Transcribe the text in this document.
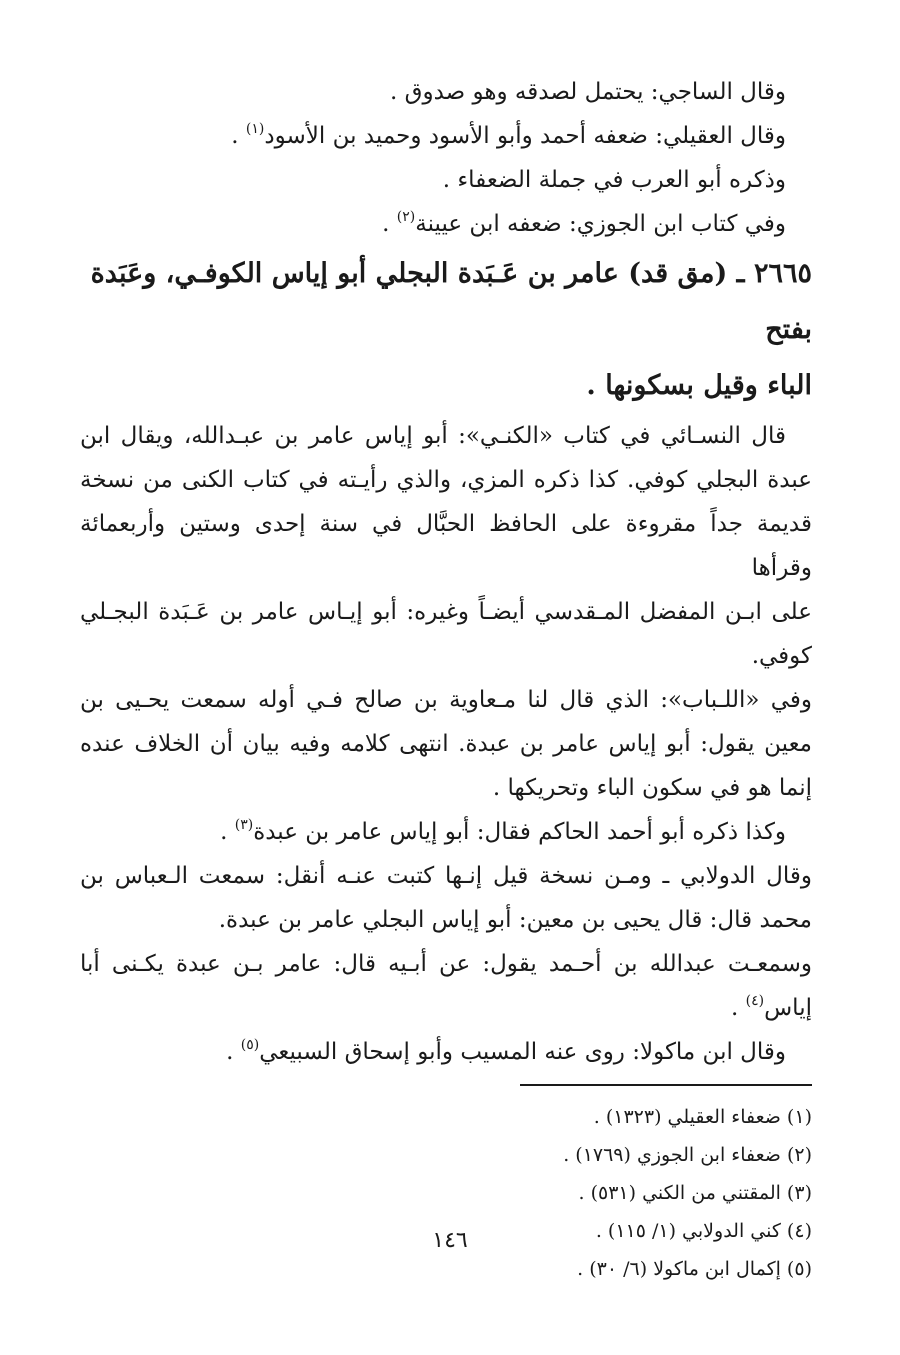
وقال الساجي: يحتمل لصدقه وهو صدوق .
وقال العقيلي: ضعفه أحمد وأبو الأسود وحميد بن الأسود$^{(١)}$ .
وذكره أبو العرب في جملة الضعفاء .
وفي كتاب ابن الجوزي: ضعفه ابن عيينة$^{(٢)}$ .
٢٦٦٥ ـ (مق قد) عامر بن عَـبَدة البجلي أبو إياس الكوفـي، وعَبَدة بفتح
الباء وقيل بسكونها .
قال النسـائي في كتاب «الكنـي»: أبو إياس عامر بن عبـدالله، ويقال ابن
عبدة البجلي كوفي. كذا ذكره المزي، والذي رأيـته في كتاب الكنى من نسخة
قديمة جداً مقروءة على الحافظ الحبَّال في سنة إحدى وستين وأربعمائة وقرأها
على ابـن المفضل المـقدسي أيضـاً وغيره: أبو إيـاس عامر بن عَـبَدة البجـلي
كوفي.
وفي «اللـباب»: الذي قال لنا مـعاوية بن صالح فـي أوله سمعت يحـيى بن
معين يقول: أبو إياس عامر بن عبدة. انتهى كلامه وفيه بيان أن الخلاف عنده
إنما هو في سكون الباء وتحريكها .
وكذا ذكره أبو أحمد الحاكم فقال: أبو إياس عامر بن عبدة$^{(٣)}$ .
وقال الدولابي ـ ومـن نسخة قيل إنـها كتبت عنـه أنقل: سمعت الـعباس بن
محمد قال: قال يحيى بن معين: أبو إياس البجلي عامر بن عبدة.
وسمعـت عبدالله بن أحـمد يقول: عن أبـيه قال: عامر بـن عبدة يكـنى أبا
إياس$^{(٤)}$ .
وقال ابن ماكولا: روى عنه المسيب وأبو إسحاق السبيعي$^{(٥)}$ .
(١) ضعفاء العقيلي (١٣٢٣) .
(٢) ضعفاء ابن الجوزي (١٧٦٩) .
(٣) المقتني من الكني (٥٣١) .
(٤) كني الدولابي (١/ ١١٥) .
(٥) إكمال ابن ماكولا (٦/ ٣٠) .
١٤٦
